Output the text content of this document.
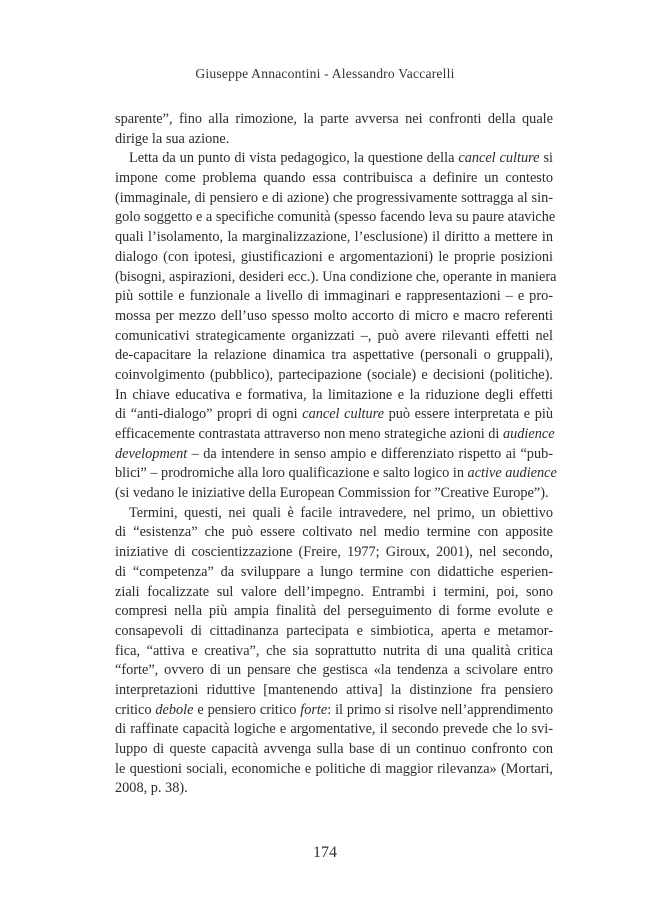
Giuseppe Annacontini - Alessandro Vaccarelli
sparente”, fino alla rimozione, la parte avversa nei confronti della quale
dirige la sua azione.
Letta da un punto di vista pedagogico, la questione della cancel culture si
impone come problema quando essa contribuisca a definire un contesto
(immaginale, di pensiero e di azione) che progressivamente sottragga al sin-
golo soggetto e a specifiche comunità (spesso facendo leva su paure ataviche
quali l’isolamento, la marginalizzazione, l’esclusione) il diritto a mettere in
dialogo (con ipotesi, giustificazioni e argomentazioni) le proprie posizioni
(bisogni, aspirazioni, desideri ecc.). Una condizione che, operante in maniera
più sottile e funzionale a livello di immaginari e rappresentazioni – e pro-
mossa per mezzo dell’uso spesso molto accorto di micro e macro referenti
comunicativi strategicamente organizzati –, può avere rilevanti effetti nel
de-capacitare la relazione dinamica tra aspettative (personali o gruppali),
coinvolgimento (pubblico), partecipazione (sociale) e decisioni (politiche).
In chiave educativa e formativa, la limitazione e la riduzione degli effetti
di “anti-dialogo” propri di ogni cancel culture può essere interpretata e più
efficacemente contrastata attraverso non meno strategiche azioni di audience
development – da intendere in senso ampio e differenziato rispetto ai “pub-
blici” – prodromiche alla loro qualificazione e salto logico in active audience
(si vedano le iniziative della European Commission for ”Creative Europe”).
Termini, questi, nei quali è facile intravedere, nel primo, un obiettivo
di “esistenza” che può essere coltivato nel medio termine con apposite
iniziative di coscientizzazione (Freire, 1977; Giroux, 2001), nel secondo,
di “competenza” da sviluppare a lungo termine con didattiche esperien-
ziali focalizzate sul valore dell’impegno. Entrambi i termini, poi, sono
compresi nella più ampia finalità del perseguimento di forme evolute e
consapevoli di cittadinanza partecipata e simbiotica, aperta e metamor-
fica, “attiva e creativa”, che sia soprattutto nutrita di una qualità critica
“forte”, ovvero di un pensare che gestisca «la tendenza a scivolare entro
interpretazioni riduttive [mantenendo attiva] la distinzione fra pensiero
critico debole e pensiero critico forte: il primo si risolve nell’apprendimento
di raffinate capacità logiche e argomentative, il secondo prevede che lo svi-
luppo di queste capacità avvenga sulla base di un continuo confronto con
le questioni sociali, economiche e politiche di maggior rilevanza» (Mortari,
2008, p. 38).
174
